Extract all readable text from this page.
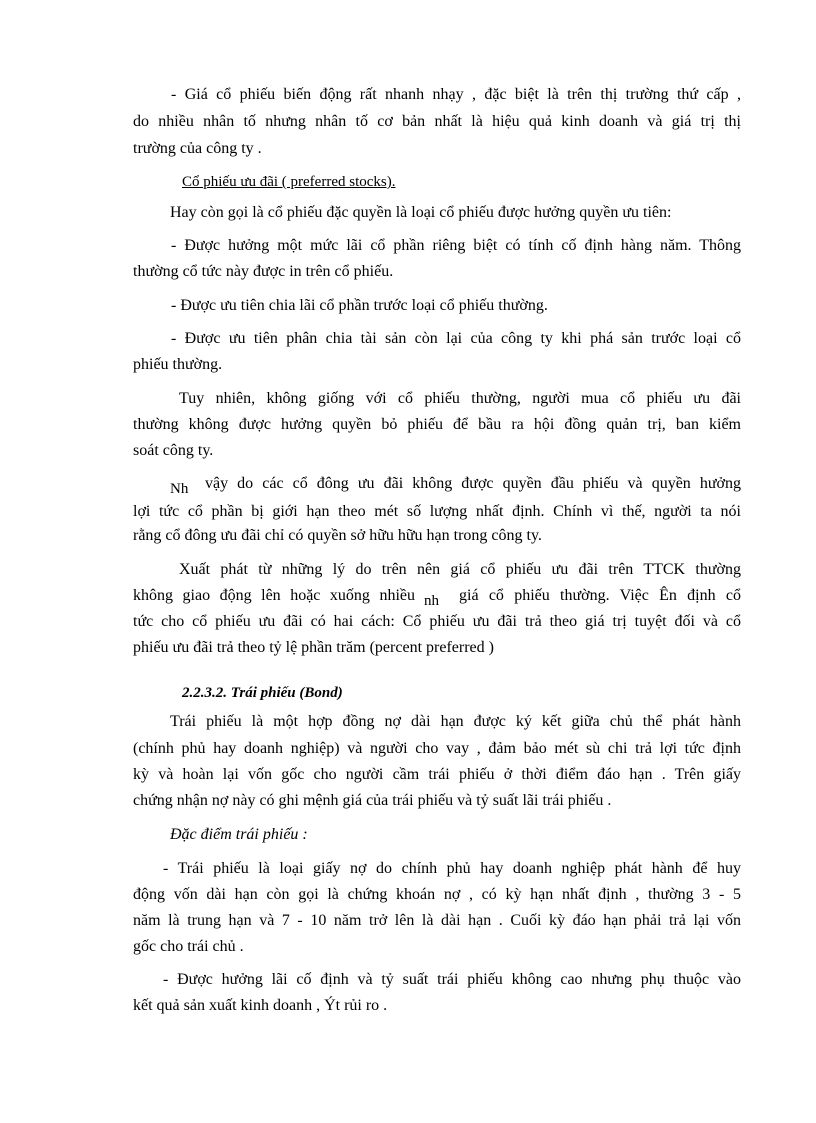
- Giá cổ phiếu biến động rất nhanh nhạy , đặc biệt là trên thị trường thứ cấp ,

do nhiều nhân tố nhưng nhân tố cơ bản nhất là hiệu quả kinh doanh và giá trị thị

trường của công ty .

Cổ phiếu ưu đãi ( preferred stocks).

Hay còn gọi là cổ phiếu đặc quyền là loại cổ phiếu được hưởng quyền ưu tiên:

- Được hưởng một mức lãi cổ phần riêng biệt có tính cố định hàng năm. Thông

thường cổ tức này được in trên cổ phiếu.

- Được ưu tiên chia lãi cổ phần trước loại cổ phiếu thường.

- Được ưu tiên phân chia tài sản còn lại của công ty khi phá sản trước loại cổ

phiếu thường.

Tuy nhiên, không giống với cổ phiếu thường, người mua cổ phiếu ưu đãi

thường không được hưởng quyền bỏ phiếu để bầu ra hội đồng quản trị, ban kiểm

soát công ty.

Nh vậy do các cổ đông ưu đãi không được quyền đầu phiếu và quyền hưởng

lợi tức cổ phần bị giới hạn theo mét số lượng nhất định. Chính vì thế, người ta nói

rằng cổ đông ưu đãi chỉ có quyền sở hữu hữu hạn trong công ty.

Xuất phát từ những lý do trên nên giá cổ phiếu ưu đãi trên TTCK thường

không giao động lên hoặc xuống nhiều nh giá cổ phiếu thường. Việc Ên định cổ

tức cho cổ phiếu ưu đãi có hai cách: Cổ phiếu ưu đãi trả theo giá trị tuyệt đối và cổ

phiếu ưu đãi trả theo tỷ lệ phần trăm (percent preferred )

2.2.3.2. Trái phiếu (Bond)

Trái phiếu là một hợp đồng nợ dài hạn được ký kết giữa chủ thể phát hành

(chính phủ hay doanh nghiệp) và người cho vay , đảm bảo mét sù chi trả lợi tức định

kỳ và hoàn lại vốn gốc cho người cầm trái phiếu ở thời điểm đáo hạn . Trên giấy

chứng nhận nợ này có ghi mệnh giá của trái phiếu và tỷ suất lãi trái phiếu .

Đặc điểm trái phiếu :

- Trái phiếu là loại giấy nợ do chính phủ hay doanh nghiệp phát hành để huy

động vốn dài hạn còn gọi là chứng khoán nợ , có kỳ hạn nhất định , thường 3 - 5

năm là trung hạn và 7 - 10 năm trở lên là dài hạn . Cuối kỳ đáo hạn phải trả lại vốn

gốc cho trái chủ .

- Được hưởng lãi cố định và tỷ suất trái phiếu không cao nhưng phụ thuộc vào

kết quả sản xuất kinh doanh , Ýt rủi ro .
